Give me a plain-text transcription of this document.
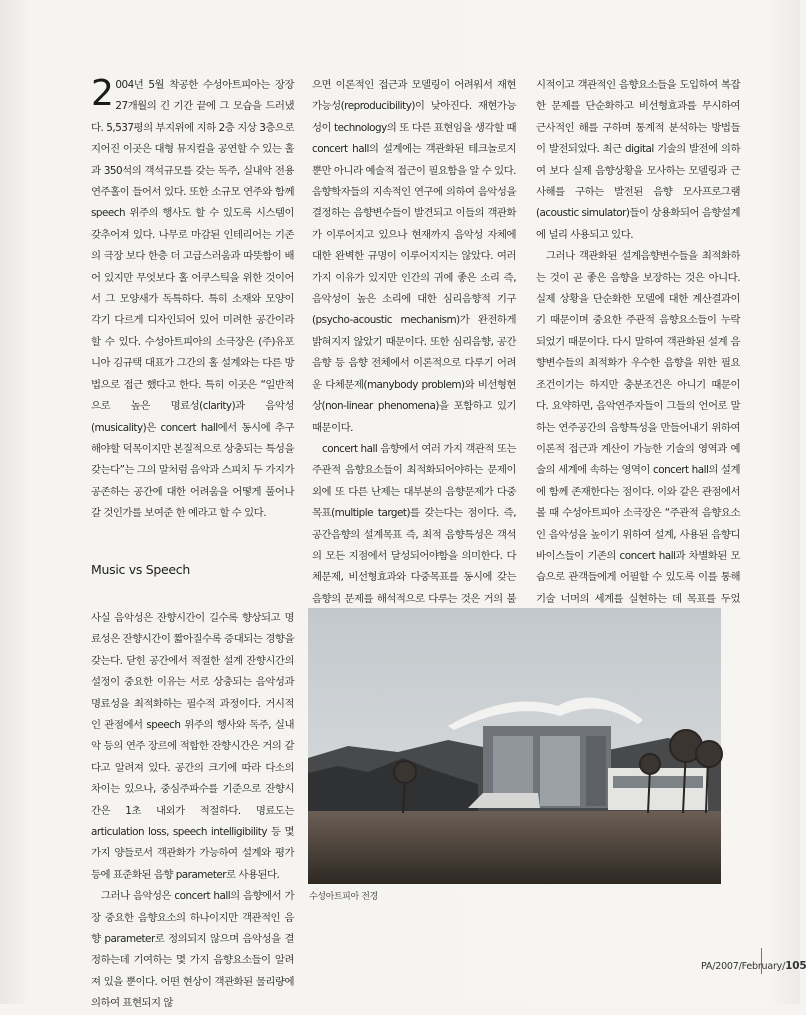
2 004년 5월 착공한 수성아트피아는 장장 27개월의 긴 기간 끝에 그 모습을 드러냈다. 5,537평의 부지위에 지하 2층 지상 3층으로 지어진 이곳은 대형 뮤지컬을 공연할 수 있는 홀과 350석의 객석규모를 갖는 독주, 실내악 전용 연주홀이 들어서 있다. 또한 소규모 연주와 함께 speech 위주의 행사도 할 수 있도록 시스템이 갖추어져 있다. 나무로 마감된 인테리어는 기존의 극장 보다 한층 더 고급스러움과 따뜻함이 배어 있지만 무엇보다 홀 어쿠스틱을 위한 것이어서 그 모양새가 독특하다. 특히 소재와 모양이 각기 다르게 디자인되어 있어 미려한 공간이라 할 수 있다. 수성아트피아의 소극장은 (주)유포니아 김규택 대표가 그간의 홀 설계와는 다른 방법으로 접근 했다고 한다. 특히 이곳은 “일반적으로 높은 명료성(clarity)과 음악성(musicality)은 concert hall에서 동시에 추구해야할 덕목이지만 본질적으로 상충되는 특성을 갖는다”는 그의 말처럼 음악과 스피치 두 가지가 공존하는 공간에 대한 어려움을 어떻게 풀어나갈 것인가를 보여준 한 예라고 할 수 있다.

Music vs Speech

사실 음악성은 잔향시간이 길수록 향상되고 명료성은 잔향시간이 짧아질수록 증대되는 경향을 갖는다. 닫힌 공간에서 적절한 설계 잔향시간의 설정이 중요한 이유는 서로 상충되는 음악성과 명료성을 최적화하는 필수적 과정이다. 거시적인 관점에서 speech 위주의 행사와 독주, 실내악 등의 연주 장르에 적합한 잔향시간은 거의 같다고 알려져 있다. 공간의 크기에 따라 다소의 차이는 있으나, 중심주파수를 기준으로 잔향시간은 1초 내외가 적절하다. 명료도는 articulation loss, speech intelligibility 등 몇 가지 양들로서 객관화가 가능하여 설계와 평가 등에 표준화된 음향 parameter로 사용된다.

그러나 음악성은 concert hall의 음향에서 가장 중요한 음향요소의 하나이지만 객관적인 음향 parameter로 정의되지 않으며 음악성을 결정하는데 기여하는 몇 가지 음향요소들이 알려져 있을 뿐이다. 어떤 현상이 객관화된 물리량에 의하여 표현되지 않

으면 이론적인 접근과 모델링이 어려워서 재현가능성(reproducibility)이 낮아진다. 재현가능성이 technology의 또 다른 표현임을 생각할 때 concert hall의 설계에는 객관화된 테크놀로지뿐만 아니라 예술적 접근이 필요함을 알 수 있다. 음향학자들의 지속적인 연구에 의하여 음악성을 결정하는 음향변수들이 발견되고 이들의 객관화가 이루어지고 있으나 현재까지 음악성 자체에 대한 완벽한 규명이 이루어지지는 않았다. 여러 가지 이유가 있지만 인간의 귀에 좋은 소리 즉, 음악성이 높은 소리에 대한 심리음향적 기구(psycho-acoustic mechanism)가 완전하게 밝혀지지 않았기 때문이다. 또한 심리음향, 공간음향 등 음향 전체에서 이론적으로 다루기 어려운 다체문제(manybody problem)와 비선형현상(non-linear phenomena)을 포함하고 있기 때문이다.

concert hall 음향에서 여러 가지 객관적 또는 주관적 음향요소들이 최적화되어야하는 문제이외에 또 다른 난제는 대부분의 음향문제가 다중목표(multiple target)를 갖는다는 점이다. 즉, 공간음향의 설계목표 즉, 최적 음향특성은 객석의 모든 지점에서 달성되어야함을 의미한다. 다체문제, 비선형효과와 다중목표를 동시에 갖는 음향의 문제를 해석적으로 다루는 것은 거의 불

시적이고 객관적인 음향요소들을 도입하여 복잡한 문제를 단순화하고 비선형효과를 무시하여 근사적인 해를 구하며 통계적 분석하는 방법들이 발전되었다. 최근 digital 기술의 발전에 의하여 보다 실제 음향상황을 모사하는 모델링과 근사해를 구하는 발전된 음향 모사프로그램(acoustic simulator)들이 상용화되어 음향설계에 널리 사용되고 있다.

그러나 객관화된 설계음향변수들을 최적화하는 것이 곧 좋은 음향을 보장하는 것은 아니다. 실제 상황을 단순화한 모델에 대한 계산결과이기 때문이며 중요한 주관적 음향요소들이 누락되었기 때문이다. 다시 말하여 객관화된 설계 음향변수들의 최적화가 우수한 음향을 위한 필요조건이기는 하지만 충분조건은 아니기 때문이다. 요약하면, 음악연주자들이 그들의 언어로 말하는 연주공간의 음향특성을 만들어내기 위하여 이론적 접근과 계산이 가능한 기술의 영역과 예술의 세계에 속하는 영역이 concert hall의 설계에 함께 존재한다는 점이다. 이와 같은 관점에서 볼 때 수성아트피아 소극장은 “주관적 음향요소인 음악성을 높이기 위하여 설계, 사용된 음향디바이스들이 기존의 concert hall과 차별화된 모습으로 관객들에게 어필할 수 있도록 이를 통해 기술 너머의 세계를 실현하는 데 목표를 두었

수성아트피아 전경
PA/2007/February/105
